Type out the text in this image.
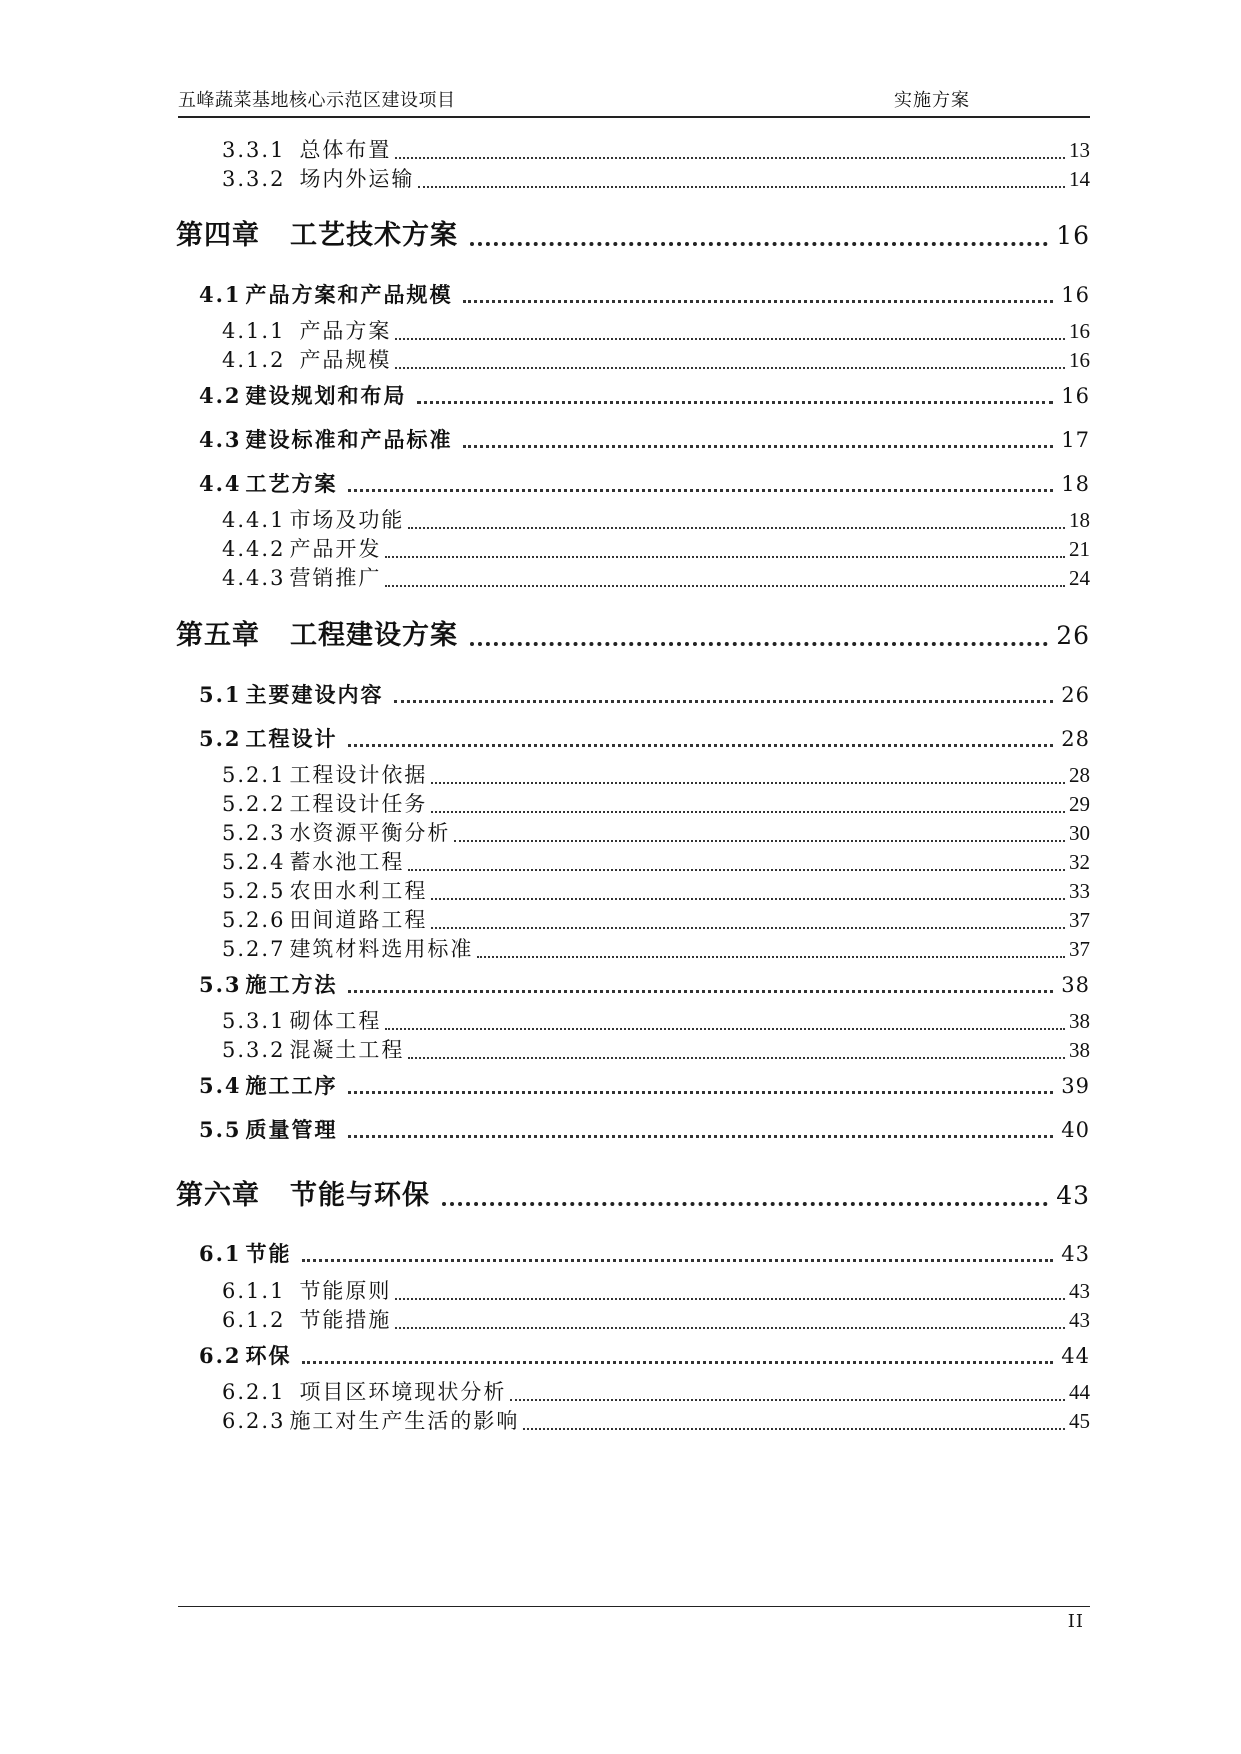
五峰蔬菜基地核心示范区建设项目	实施方案
3.3.1 总体布置	13
3.3.2 场内外运输	14
第四章 工艺技术方案	16
4.1 产品方案和产品规模	16
4.1.1 产品方案	16
4.1.2 产品规模	16
4.2 建设规划和布局	16
4.3 建设标准和产品标准	17
4.4 工艺方案	18
4.4.1 市场及功能	18
4.4.2 产品开发	21
4.4.3 营销推广	24
第五章 工程建设方案	26
5.1 主要建设内容	26
5.2 工程设计	28
5.2.1 工程设计依据	28
5.2.2 工程设计任务	29
5.2.3 水资源平衡分析	30
5.2.4 蓄水池工程	32
5.2.5 农田水利工程	33
5.2.6 田间道路工程	37
5.2.7 建筑材料选用标准	37
5.3 施工方法	38
5.3.1 砌体工程	38
5.3.2 混凝土工程	38
5.4 施工工序	39
5.5 质量管理	40
第六章 节能与环保	43
6.1 节能	43
6.1.1 节能原则	43
6.1.2 节能措施	43
6.2 环保	44
6.2.1 项目区环境现状分析	44
6.2.3 施工对生产生活的影响	45
II
